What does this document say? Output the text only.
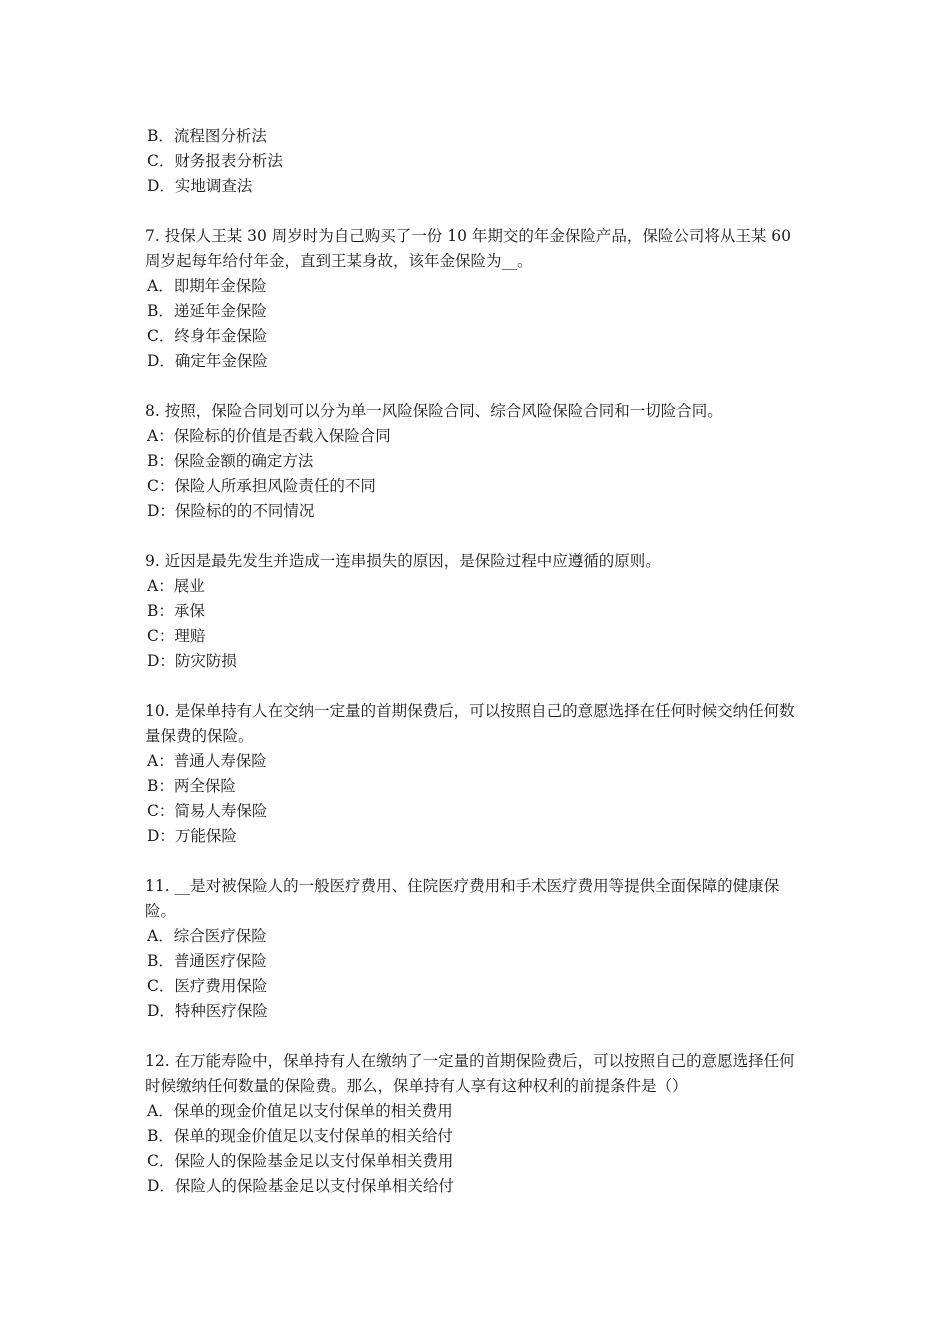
B．流程图分析法
C．财务报表分析法
D．实地调查法
7. 投保人王某 30 周岁时为自己购买了一份 10 年期交的年金保险产品，保险公司将从王某 60 周岁起每年给付年金，直到王某身故，该年金保险为__。
A．即期年金保险
B．递延年金保险
C．终身年金保险
D．确定年金保险
8. 按照，保险合同划可以分为单一风险保险合同、综合风险保险合同和一切险合同。
A：保险标的价值是否载入保险合同
B：保险金额的确定方法
C：保险人所承担风险责任的不同
D：保险标的的不同情况
9. 近因是最先发生并造成一连串损失的原因，是保险过程中应遵循的原则。
A：展业
B：承保
C：理赔
D：防灾防损
10. 是保单持有人在交纳一定量的首期保费后，可以按照自己的意愿选择在任何时候交纳任何数量保费的保险。
A：普通人寿保险
B：两全保险
C：简易人寿保险
D：万能保险
11. __是对被保险人的一般医疗费用、住院医疗费用和手术医疗费用等提供全面保障的健康保险。
A．综合医疗保险
B．普通医疗保险
C．医疗费用保险
D．特种医疗保险
12. 在万能寿险中，保单持有人在缴纳了一定量的首期保险费后，可以按照自己的意愿选择任何时候缴纳任何数量的保险费。那么，保单持有人享有这种权利的前提条件是（）
A．保单的现金价值足以支付保单的相关费用
B．保单的现金价值足以支付保单的相关给付
C．保险人的保险基金足以支付保单相关费用
D．保险人的保险基金足以支付保单相关给付
